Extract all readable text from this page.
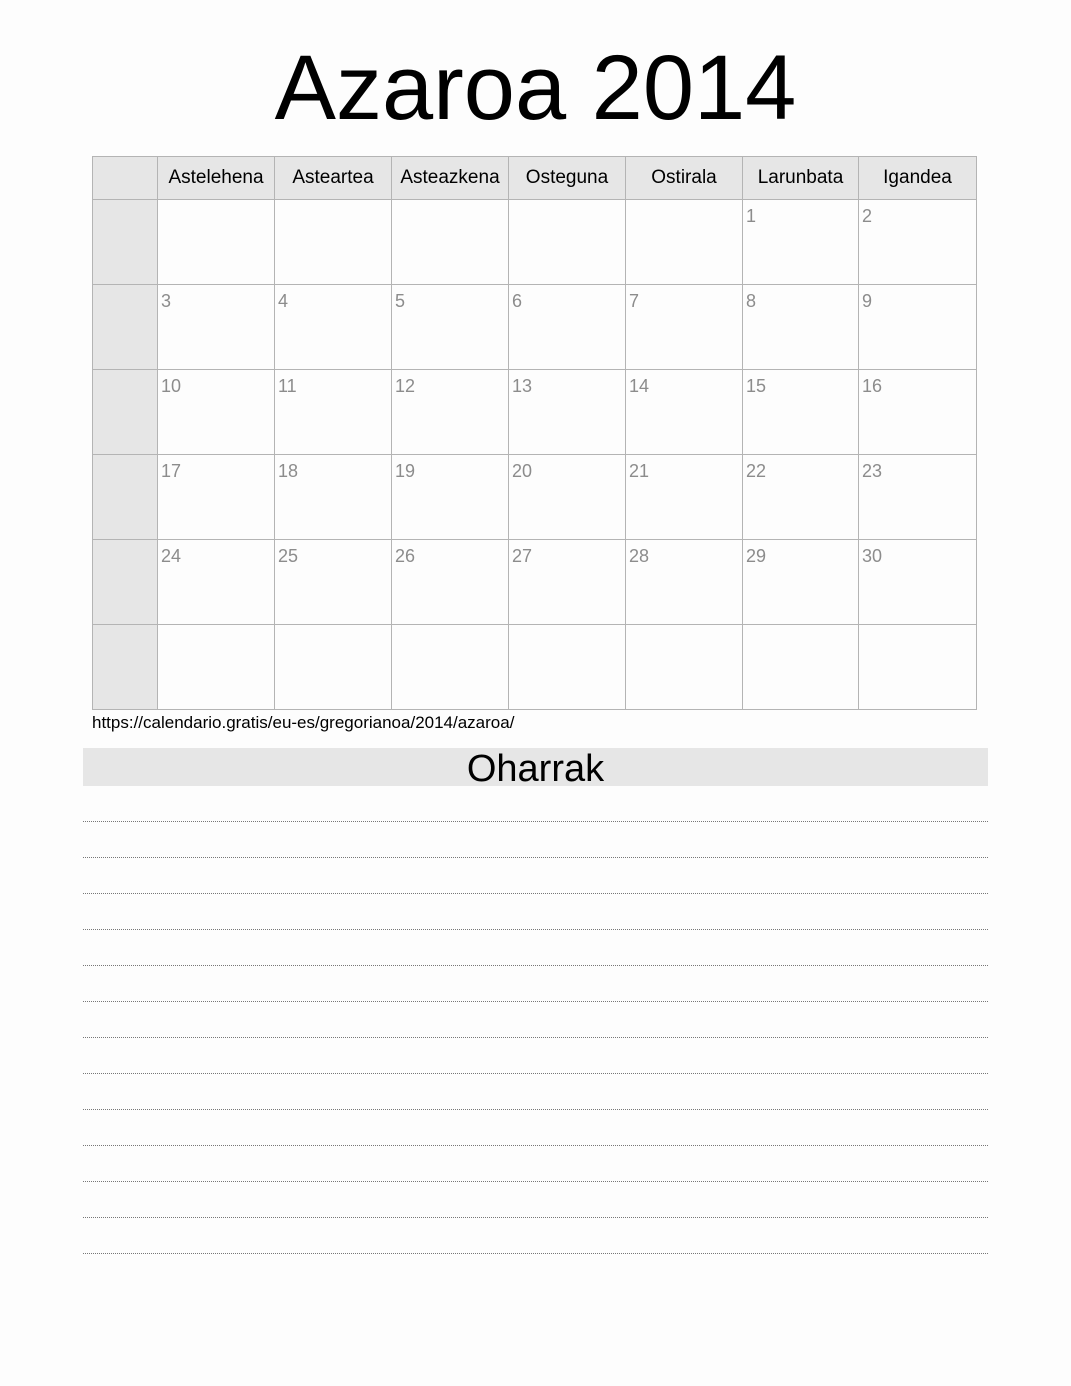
Azaroa 2014
	Astelehena	Asteartea	Asteazkena	Osteguna	Ostirala	Larunbata	Igandea

						1	2

	3	4	5	6	7	8	9

	10	11	12	13	14	15	16

	17	18	19	20	21	22	23

	24	25	26	27	28	29	30

https://calendario.gratis/eu-es/gregorianoa/2014/azaroa/
Oharrak
